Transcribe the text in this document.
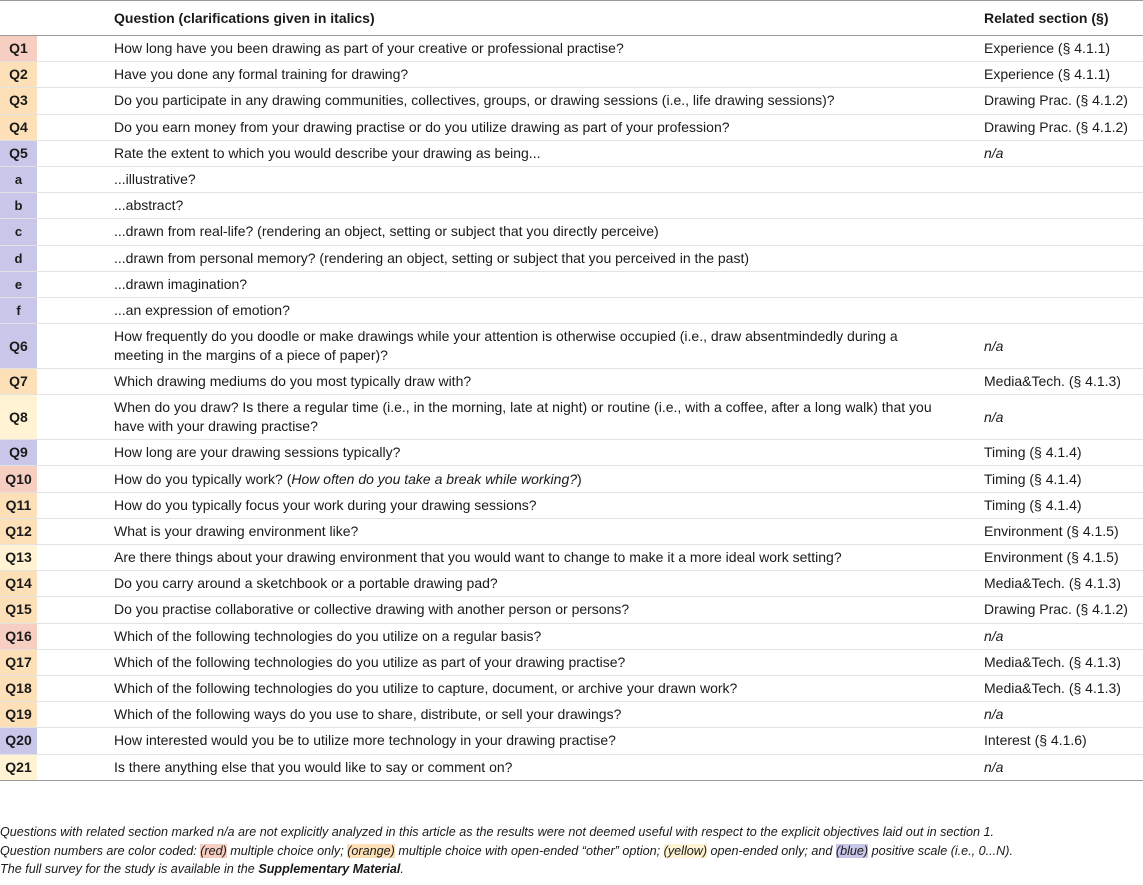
	Question (clarifications given in italics)	Related section (§)

Q1	How long have you been drawing as part of your creative or professional practise?	Experience (§ 4.1.1)

Q2	Have you done any formal training for drawing?	Experience (§ 4.1.1)

Q3	Do you participate in any drawing communities, collectives, groups, or drawing sessions (i.e., life drawing sessions)?	Drawing Prac. (§ 4.1.2)

Q4	Do you earn money from your drawing practise or do you utilize drawing as part of your profession?	Drawing Prac. (§ 4.1.2)

Q5	Rate the extent to which you would describe your drawing as being...	n/a

a	...illustrative?	

b	...abstract?	

c	...drawn from real-life? (rendering an object, setting or subject that you directly perceive)	

d	...drawn from personal memory? (rendering an object, setting or subject that you perceived in the past)	

e	...drawn imagination?	

f	...an expression of emotion?	

Q6	How frequently do you doodle or make drawings while your attention is otherwise occupied (i.e., draw absentmindedly during a meeting in the margins of a piece of paper)?	n/a

Q7	Which drawing mediums do you most typically draw with?	Media&Tech. (§ 4.1.3)

Q8	When do you draw? Is there a regular time (i.e., in the morning, late at night) or routine (i.e., with a coffee, after a long walk) that you have with your drawing practise?	n/a

Q9	How long are your drawing sessions typically?	Timing (§ 4.1.4)

Q10	How do you typically work? (How often do you take a break while working?)	Timing (§ 4.1.4)

Q11	How do you typically focus your work during your drawing sessions?	Timing (§ 4.1.4)

Q12	What is your drawing environment like?	Environment (§ 4.1.5)

Q13	Are there things about your drawing environment that you would want to change to make it a more ideal work setting?	Environment (§ 4.1.5)

Q14	Do you carry around a sketchbook or a portable drawing pad?	Media&Tech. (§ 4.1.3)

Q15	Do you practise collaborative or collective drawing with another person or persons?	Drawing Prac. (§ 4.1.2)

Q16	Which of the following technologies do you utilize on a regular basis?	n/a

Q17	Which of the following technologies do you utilize as part of your drawing practise?	Media&Tech. (§ 4.1.3)

Q18	Which of the following technologies do you utilize to capture, document, or archive your drawn work?	Media&Tech. (§ 4.1.3)

Q19	Which of the following ways do you use to share, distribute, or sell your drawings?	n/a

Q20	How interested would you be to utilize more technology in your drawing practise?	Interest (§ 4.1.6)

Q21	Is there anything else that you would like to say or comment on?	n/a
Questions with related section marked n/a are not explicitly analyzed in this article as the results were not deemed useful with respect to the explicit objectives laid out in section 1.
Question numbers are color coded: (red) multiple choice only; (orange) multiple choice with open-ended “other” option; (yellow) open-ended only; and (blue) positive scale (i.e., 0...N).
The full survey for the study is available in the Supplementary Material.
